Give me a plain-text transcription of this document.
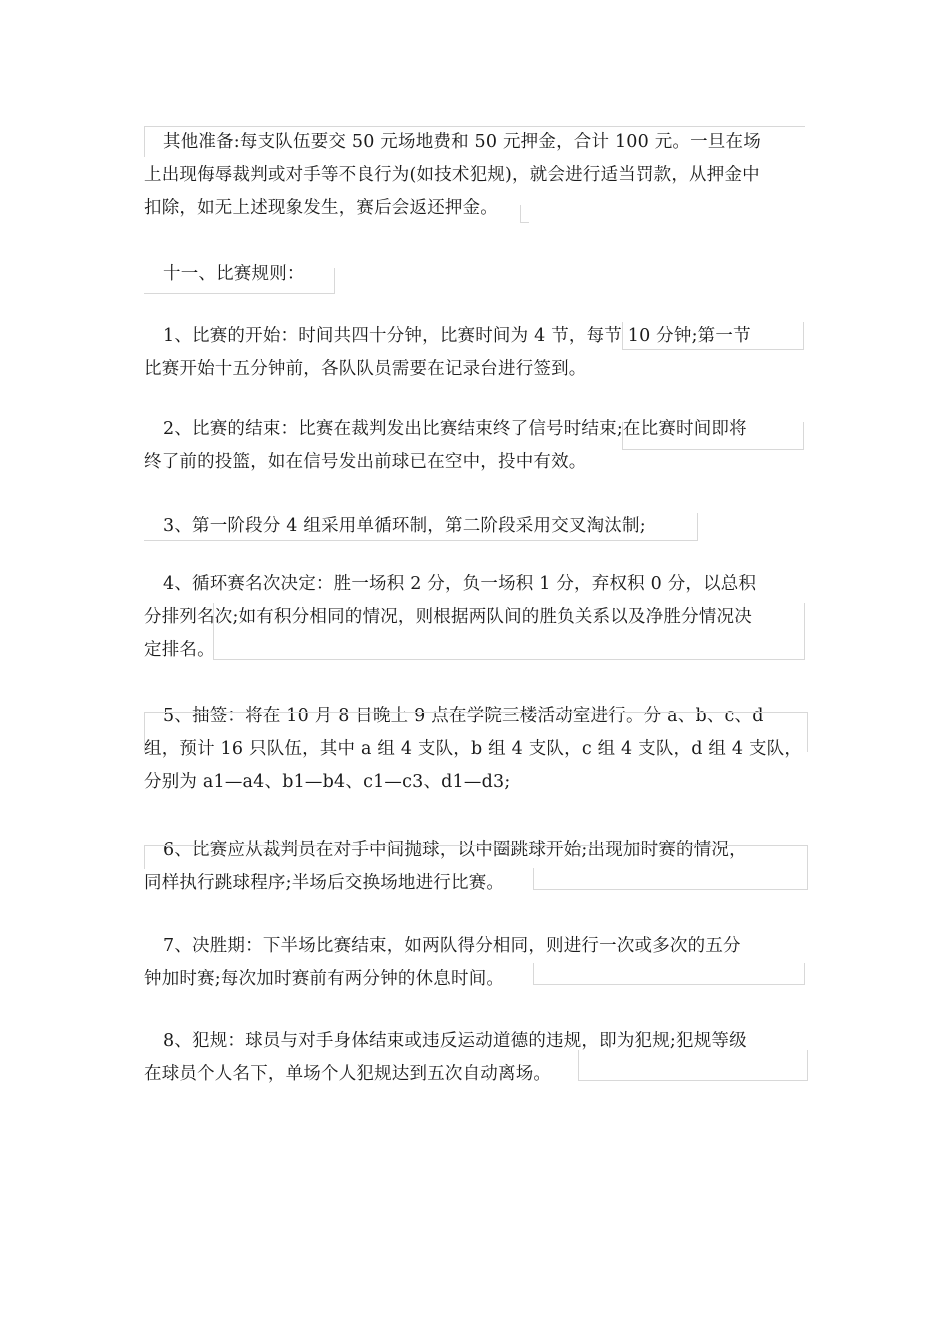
其他准备:每支队伍要交 50 元场地费和 50 元押金，合计 100 元。一旦在场
上出现侮辱裁判或对手等不良行为(如技术犯规)，就会进行适当罚款，从押金中
扣除，如无上述现象发生，赛后会返还押金。
十一、比赛规则：
1、比赛的开始：时间共四十分钟，比赛时间为 4 节，每节 10 分钟;第一节
比赛开始十五分钟前，各队队员需要在记录台进行签到。
2、比赛的结束：比赛在裁判发出比赛结束终了信号时结束;在比赛时间即将
终了前的投篮，如在信号发出前球已在空中，投中有效。
3、第一阶段分 4 组采用单循环制，第二阶段采用交叉淘汰制;
4、循环赛名次决定：胜一场积 2 分，负一场积 1 分，弃权积 0 分，以总积
分排列名次;如有积分相同的情况，则根据两队间的胜负关系以及净胜分情况决
定排名。
5、抽签：将在 10 月 8 日晚上 9 点在学院三楼活动室进行。分 a、b、c、d
组，预计 16 只队伍，其中 a 组 4 支队，b 组 4 支队，c 组 4 支队，d 组 4 支队，
分别为 a1—a4、b1—b4、c1—c3、d1—d3;
6、比赛应从裁判员在对手中间抛球，以中圈跳球开始;出现加时赛的情况，
同样执行跳球程序;半场后交换场地进行比赛。
7、决胜期：下半场比赛结束，如两队得分相同，则进行一次或多次的五分
钟加时赛;每次加时赛前有两分钟的休息时间。
8、犯规：球员与对手身体结束或违反运动道德的违规，即为犯规;犯规等级
在球员个人名下，单场个人犯规达到五次自动离场。
